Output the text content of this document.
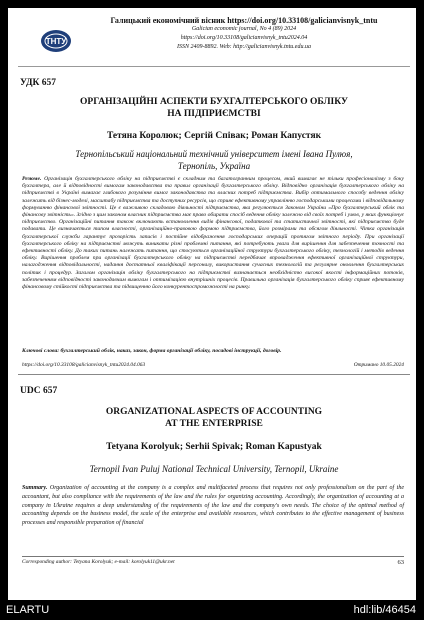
ТНТУ
Галицький економічний вісник https://doi.org/10.33108/galicianvisnyk_tntu
Galician economic journal, No 4 (89) 2024
https://doi.org/10.33108/galicianvisnyk_tntu2024.04
ISSN 2409-8892. Web: http://galicianvisnyk.tntu.edu.ua
УДК 657
ОРГАНІЗАЦІЙНІ АСПЕКТИ БУХГАЛТЕРСЬКОГО ОБЛІКУ
НА ПІДПРИЄМСТВІ
Тетяна Королюк; Сергій Співак; Роман Капустяк
Тернопільський національний технічний університет імені Івана Пулюя,
Тернопіль, Україна
Резюме. Організація бухгалтерського обліку на підприємстві є складним та багатогранним процесом, який вимагає не тільки професіоналізму з боку бухгалтера, але й відповідності вимогам законодавства та правил організації бухгалтерського обліку. Відповідно організація бухгалтерського обліку на підприємстві в Україні вимагає глибокого розуміння вимог законодавства та власних потреб підприємства. Вибір оптимального способу ведення обліку залежить від бізнес-моделі, масштабу підприємства та доступних ресурсів, що сприяє ефективному управлінню господарськими процесами і відповідальному формуванню фінансової звітності. Це є важливою складовою діяльності підприємства, яка регулюється Законом України «Про бухгалтерський облік та фінансову звітність». Згідно з цим законом власник підприємства має право обирати спосіб ведення обліку залежно від своїх потреб і умов, у яких функціонує підприємство. Організаційні питання також включають встановлення видів фінансової, податкової та статистичної звітності, які підприємство буде подавати. Це визначається типом власності, організаційно-правовою формою підприємства, його розмірами та обсягом діяльності. Чітка організація бухгалтерської служби гарантує прозорість записів і постійне відображення господарських операцій протягом звітного періоду. При організації бухгалтерського обліку на підприємстві можуть виникати різні проблемні питання, які потребують уваги для вирішення для забезпечення точності та ефективності обліку. До таких питань належать питання, що стосуються організаційної структури бухгалтерського обліку, технологій і методів ведення обліку. Вирішення проблем при організації бухгалтерського обліку на підприємстві передбачає впровадження ефективної організаційної структури, налагодження відповідальності, надання достатньої кваліфікації персоналу, використання сучасних технологій та регулярне оновлення бухгалтерських політик і процедур. Загалом організація обліку бухгалтерського на підприємстві визначається необхідністю високої якості інформаційних потоків, забезпеченням відповідності законодавчим вимогам і оптимізацією внутрішніх процесів. Правильна організація бухгалтерського обліку сприяє ефективному фінансовому стійкості підприємства та підвищенню його конкурентоспроможності на ринку.
Ключові слова: бухгалтерський облік, наказ, закон, форма організації обліку, посадові інструкції, договір.
https://doi.org/10.33108/galicianvisnyk_tntu2024.04.063	Отримано 10.05.2024
UDC 657
ORGANIZATIONAL ASPECTS OF ACCOUNTING
AT THE ENTERPRISE
Tetyana Korolyuk; Serhii Spivak; Roman Kapustyak
Ternopil Ivan Puluj National Technical University, Ternopil, Ukraine
Summary. Organization of accounting at the company is a complex and multifaceted process that requires not only professionalism on the part of the accountant, but also compliance with the requirements of the law and the rules for organizing accounting. Accordingly, the organization of accounting at a company in Ukraine requires a deep understanding of the requirements of the law and the company's own needs. The choice of the optimal method of accounting depends on the business model, the scale of the enterprise and available resources, which contributes to the effective management of business processes and responsible preparation of financial
Corresponding author: Tetyana Korolyuk; e-mail: korolyuk11@ukr.net	63
ELARTU	hdl:lib/46454
